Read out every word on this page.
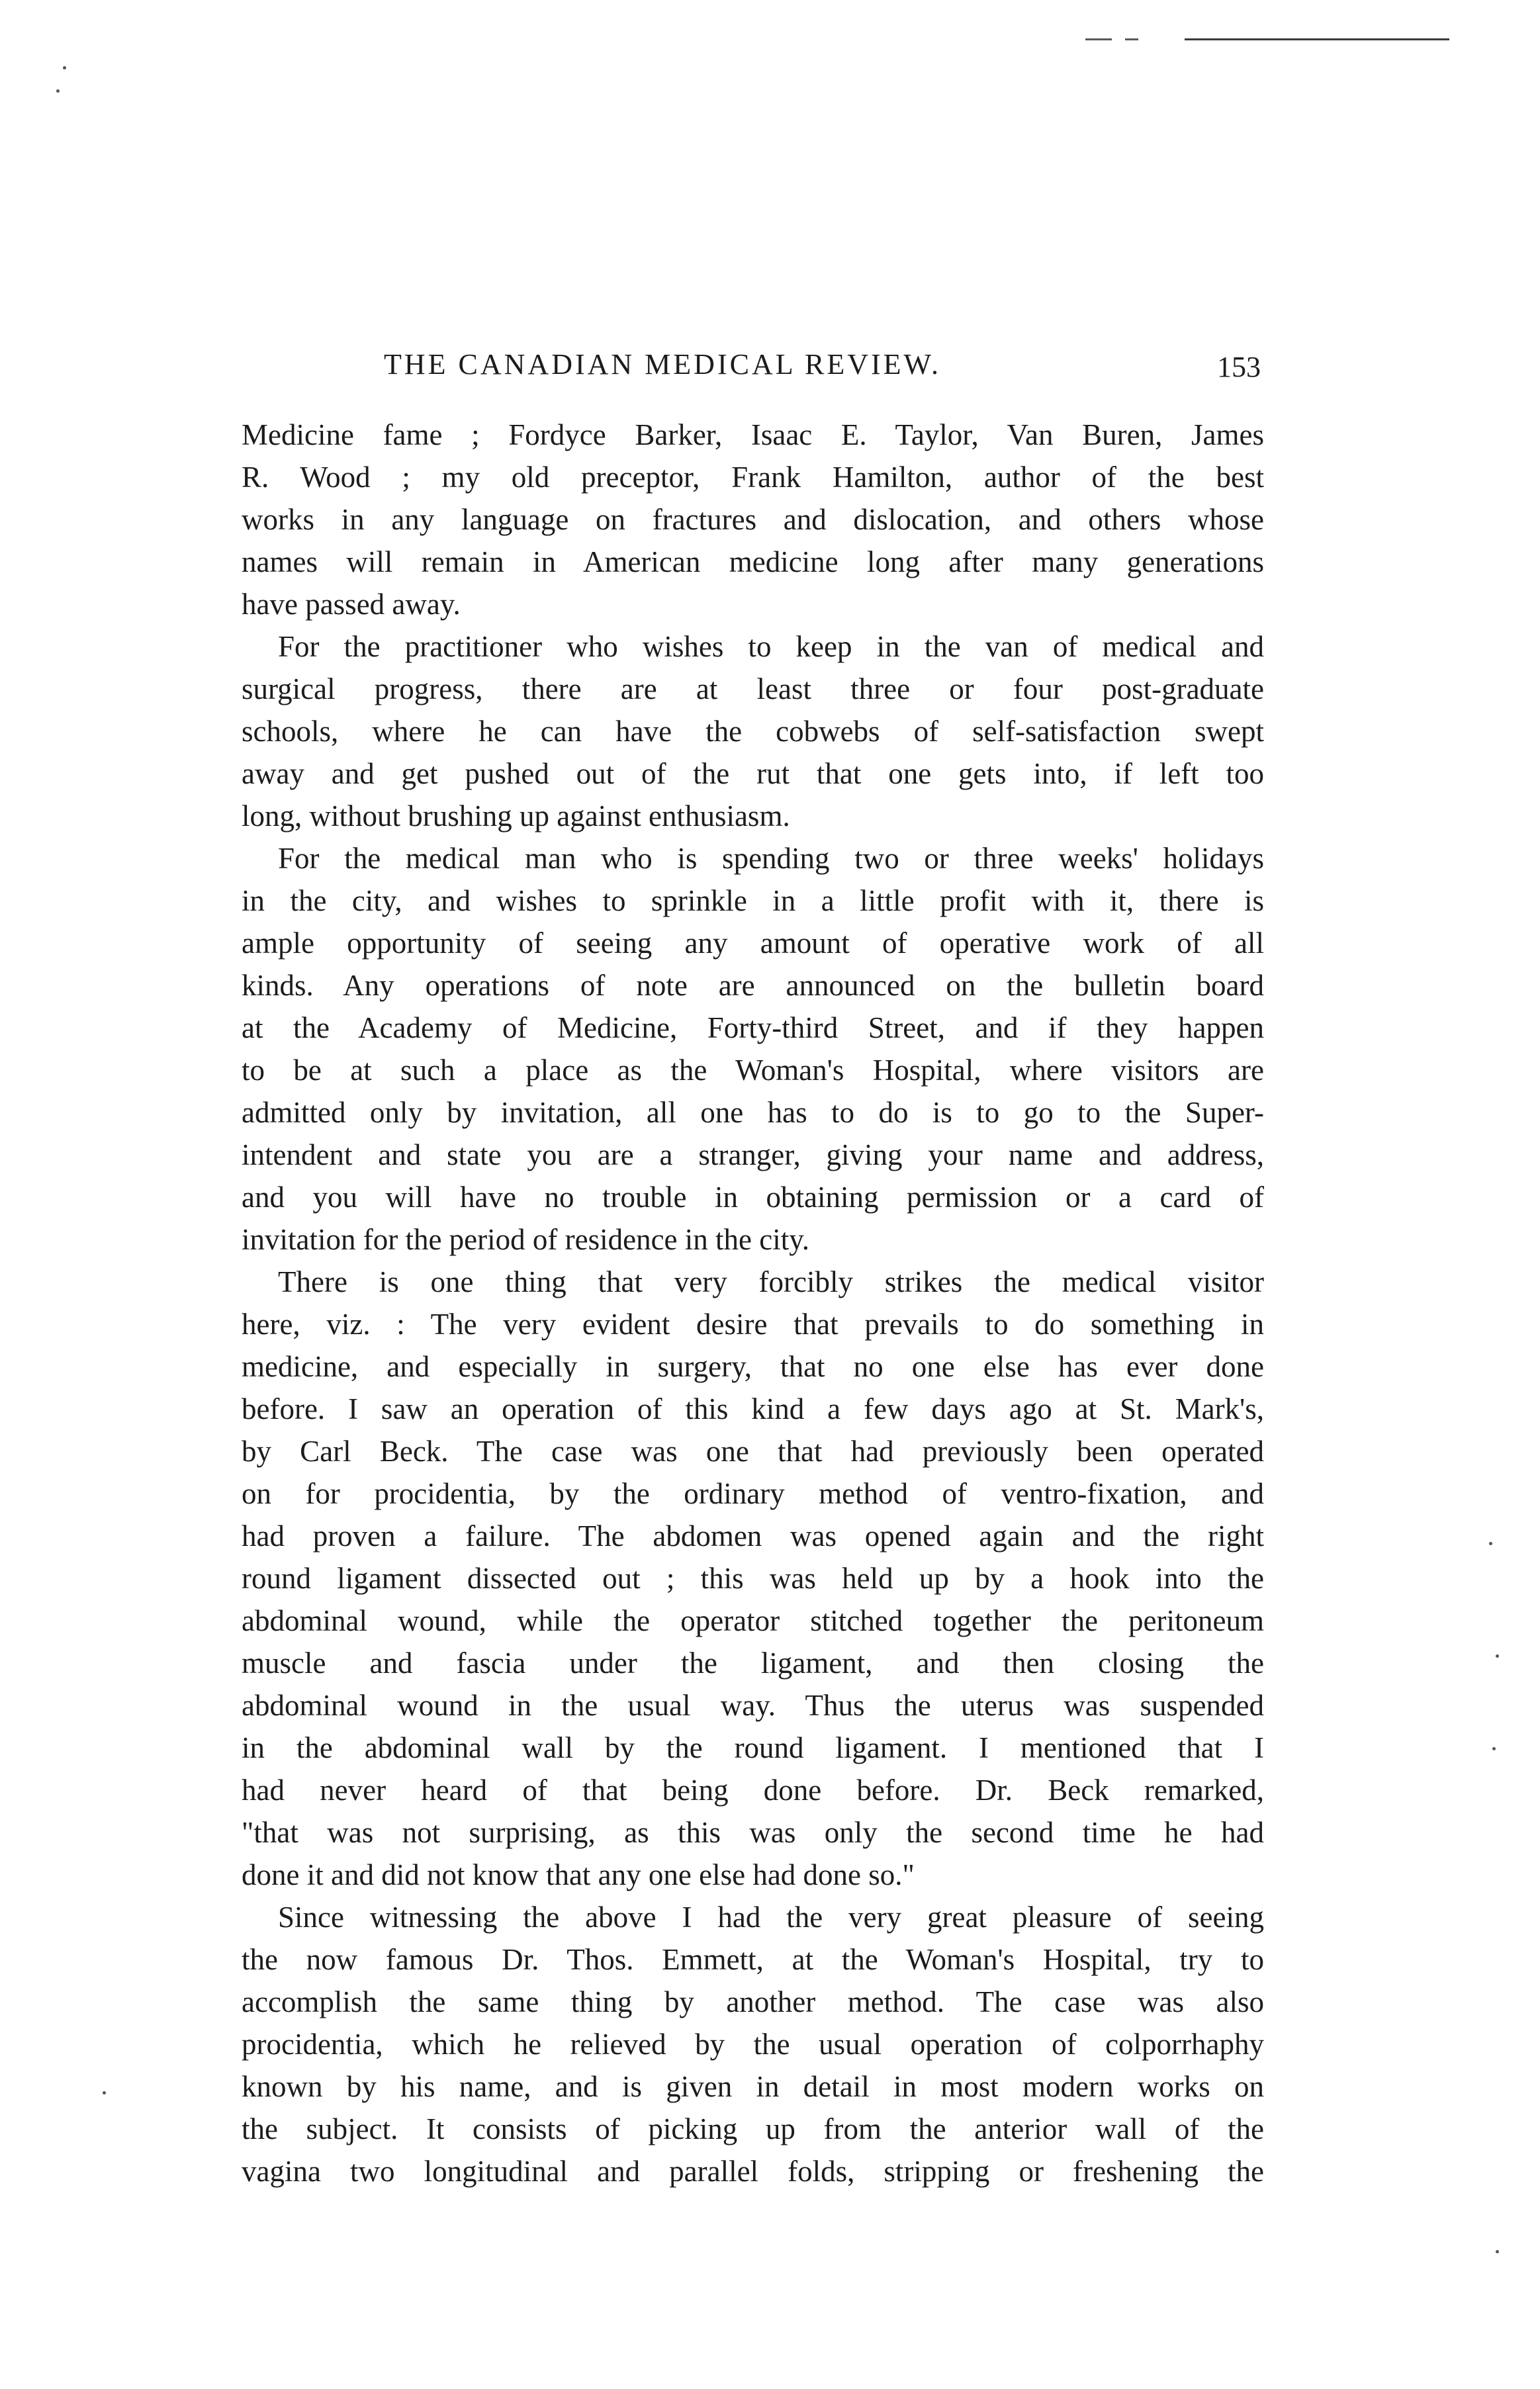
THE CANADIAN MEDICAL REVIEW.	153
Medicine fame ; Fordyce Barker, Isaac E. Taylor, Van Buren, James
R. Wood ; my old preceptor, Frank Hamilton, author of the best
works in any language on fractures and dislocation, and others whose
names will remain in American medicine long after many generations
have passed away.
For the practitioner who wishes to keep in the van of medical and
surgical progress, there are at least three or four post-graduate
schools, where he can have the cobwebs of self-satisfaction swept
away and get pushed out of the rut that one gets into, if left too
long, without brushing up against enthusiasm.
For the medical man who is spending two or three weeks' holidays
in the city, and wishes to sprinkle in a little profit with it, there is
ample opportunity of seeing any amount of operative work of all
kinds. Any operations of note are announced on the bulletin board
at the Academy of Medicine, Forty-third Street, and if they happen
to be at such a place as the Woman's Hospital, where visitors are
admitted only by invitation, all one has to do is to go to the Super-
intendent and state you are a stranger, giving your name and address,
and you will have no trouble in obtaining permission or a card of
invitation for the period of residence in the city.
There is one thing that very forcibly strikes the medical visitor
here, viz. : The very evident desire that prevails to do something in
medicine, and especially in surgery, that no one else has ever done
before. I saw an operation of this kind a few days ago at St. Mark's,
by Carl Beck. The case was one that had previously been operated
on for procidentia, by the ordinary method of ventro-fixation, and
had proven a failure. The abdomen was opened again and the right
round ligament dissected out ; this was held up by a hook into the
abdominal wound, while the operator stitched together the peritoneum
muscle and fascia under the ligament, and then closing the
abdominal wound in the usual way. Thus the uterus was suspended
in the abdominal wall by the round ligament. I mentioned that I
had never heard of that being done before. Dr. Beck remarked,
"that was not surprising, as this was only the second time he had
done it and did not know that any one else had done so."
Since witnessing the above I had the very great pleasure of seeing
the now famous Dr. Thos. Emmett, at the Woman's Hospital, try to
accomplish the same thing by another method. The case was also
procidentia, which he relieved by the usual operation of colporrhaphy
known by his name, and is given in detail in most modern works on
the subject. It consists of picking up from the anterior wall of the
vagina two longitudinal and parallel folds, stripping or freshening the
